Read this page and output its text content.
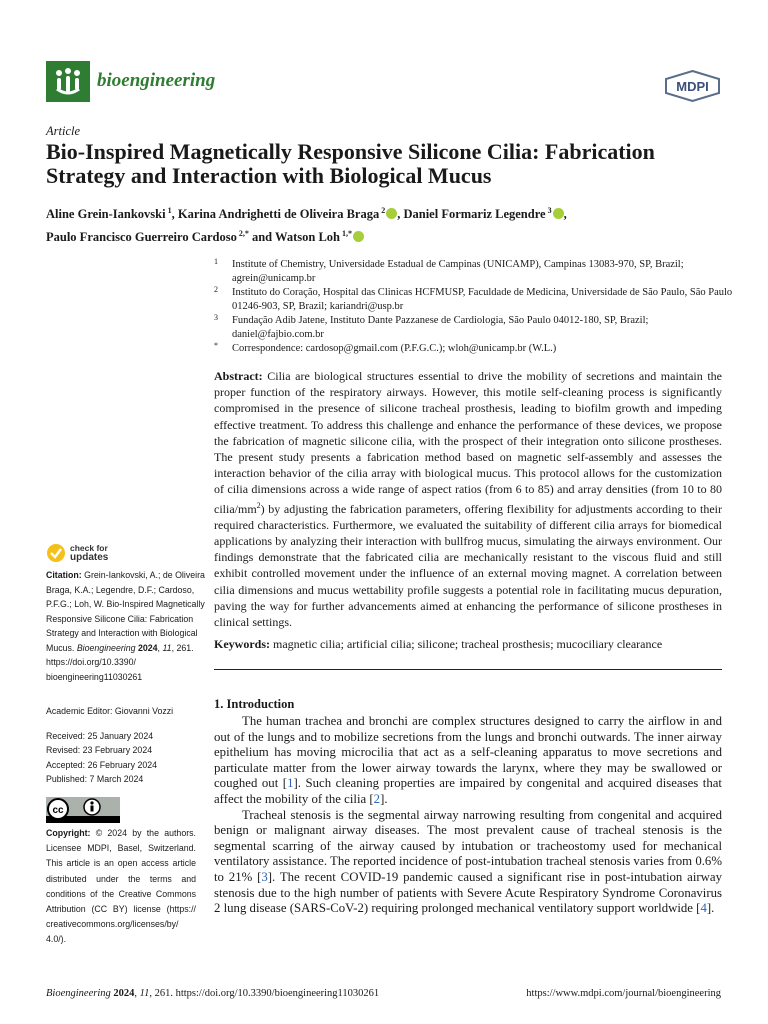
bioengineering	MDPI
Article
Bio-Inspired Magnetically Responsive Silicone Cilia: Fabrication Strategy and Interaction with Biological Mucus
Aline Grein-Iankovski $^1$, Karina Andrighetti de Oliveira Braga $^2$ , Daniel Formariz Legendre $^3$ ,
Paulo Francisco Guerreiro Cardoso $^{2,*}$ and Watson Loh $^{1,*}$
1 Institute of Chemistry, Universidade Estadual de Campinas (UNICAMP), Campinas 13083-970, SP, Brazil; agrein@unicamp.br
2 Instituto do Coração, Hospital das Clinicas HCFMUSP, Faculdade de Medicina, Universidade de São Paulo, São Paulo 01246-903, SP, Brazil; kariandri@usp.br
3 Fundação Adib Jatene, Instituto Dante Pazzanese de Cardiologia, São Paulo 04012-180, SP, Brazil; daniel@fajbio.com.br
* Correspondence: cardosop@gmail.com (P.F.G.C.); wloh@unicamp.br (W.L.)
Abstract: Cilia are biological structures essential to drive the mobility of secretions and maintain the proper function of the respiratory airways. However, this motile self-cleaning process is significantly compromised in the presence of silicone tracheal prosthesis, leading to biofilm growth and impeding effective treatment. To address this challenge and enhance the performance of these devices, we propose the fabrication of magnetic silicone cilia, with the prospect of their integration onto silicone prostheses. The present study presents a fabrication method based on magnetic self-assembly and assesses the interaction behavior of the cilia array with biological mucus. This protocol allows for the customization of cilia dimensions across a wide range of aspect ratios (from 6 to 85) and array densities (from 10 to 80 cilia/$mm^2$) by adjusting the fabrication parameters, offering flexibility for adjustments according to their required characteristics. Furthermore, we evaluated the suitability of different cilia arrays for biomedical applications by analyzing their interaction with bullfrog mucus, simulating the airways environment. Our findings demonstrate that the fabricated cilia are mechanically resistant to the viscous fluid and still exhibit controlled movement under the influence of an external moving magnet. A correlation between cilia dimensions and mucus wettability profile suggests a potential role in facilitating mucus depuration, paving the way for further advancements aimed at enhancing the performance of silicone prostheses in clinical settings.
Keywords: magnetic cilia; artificial cilia; silicone; tracheal prosthesis; mucociliary clearance
1. Introduction

The human trachea and bronchi are complex structures designed to carry the airflow in and out of the lungs and to mobilize secretions from the lungs and bronchi outwards. The inner airway epithelium has moving microcilia that act as a self-cleaning apparatus to move secretions and particulate matter from the lower airway towards the larynx, where they may be swallowed or coughed out [1]. Such cleaning properties are impaired by congenital and acquired diseases that affect the mobility of the cilia [2].

Tracheal stenosis is the segmental airway narrowing resulting from congenital and acquired benign or malignant airway diseases. The most prevalent cause of tracheal stenosis is the segmental scarring of the airway caused by intubation or tracheostomy used for mechanical ventilatory assistance. The reported incidence of post-intubation tracheal stenosis varies from 0.6% to 21% [3]. The recent COVID-19 pandemic caused a significant rise in post-intubation airway stenosis due to the high number of patients with Severe Acute Respiratory Syndrome Coronavirus 2 lung disease (SARS-CoV-2) requiring prolonged mechanical ventilatory support worldwide [4].

check for
updates
Citation: Grein-Iankovski, A.; de Oliveira Braga, K.A.; Legendre, D.F.; Cardoso, P.F.G.; Loh, W. Bio-Inspired Magnetically Responsive Silicone Cilia: Fabrication Strategy and Interaction with Biological Mucus. Bioengineering 2024, 11, 261. https://doi.org/10.3390/ bioengineering11030261
Academic Editor: Giovanni Vozzi
Received: 25 January 2024
Revised: 23 February 2024
Accepted: 26 February 2024
Published: 7 March 2024
cc
Copyright: © 2024 by the authors. Licensee MDPI, Basel, Switzerland. This article is an open access article distributed under the terms and conditions of the Creative Commons Attribution (CC BY) license (https:// creativecommons.org/licenses/by/ 4.0/).
Bioengineering 2024, 11, 261. https://doi.org/10.3390/bioengineering11030261	https://www.mdpi.com/journal/bioengineering
